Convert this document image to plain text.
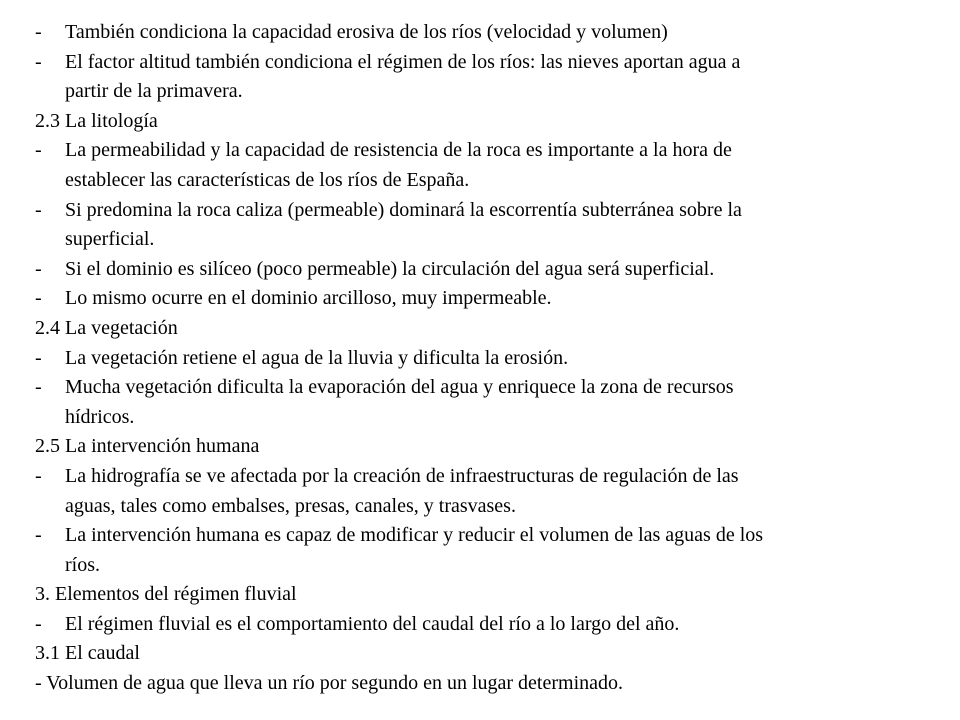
-	También condiciona la capacidad erosiva de los ríos (velocidad y volumen)
-	El factor altitud también condiciona el régimen de los ríos: las nieves aportan agua a
partir de la primavera.
2.3 La litología
-	La permeabilidad y la capacidad de resistencia de la roca es importante a la hora de
establecer las características de los ríos de España.
-	Si predomina la roca caliza (permeable) dominará la escorrentía subterránea sobre la
superficial.
-	Si el dominio es silíceo (poco permeable) la circulación del agua será superficial.
-	Lo mismo ocurre en el dominio arcilloso, muy impermeable.
2.4 La vegetación
-	La vegetación retiene el agua de la lluvia y dificulta la erosión.
-	Mucha vegetación dificulta la evaporación del agua y enriquece la zona de recursos
hídricos.
2.5 La intervención humana
-	La hidrografía se ve afectada por la creación de infraestructuras de regulación de las
aguas, tales como embalses, presas, canales, y trasvases.
-	La intervención humana es capaz de modificar y reducir el volumen de las aguas de los
ríos.
3. Elementos del régimen fluvial
-	El régimen fluvial es el comportamiento del caudal del río a lo largo del año.
3.1 El caudal
- Volumen de agua que lleva un río por segundo en un lugar determinado.
